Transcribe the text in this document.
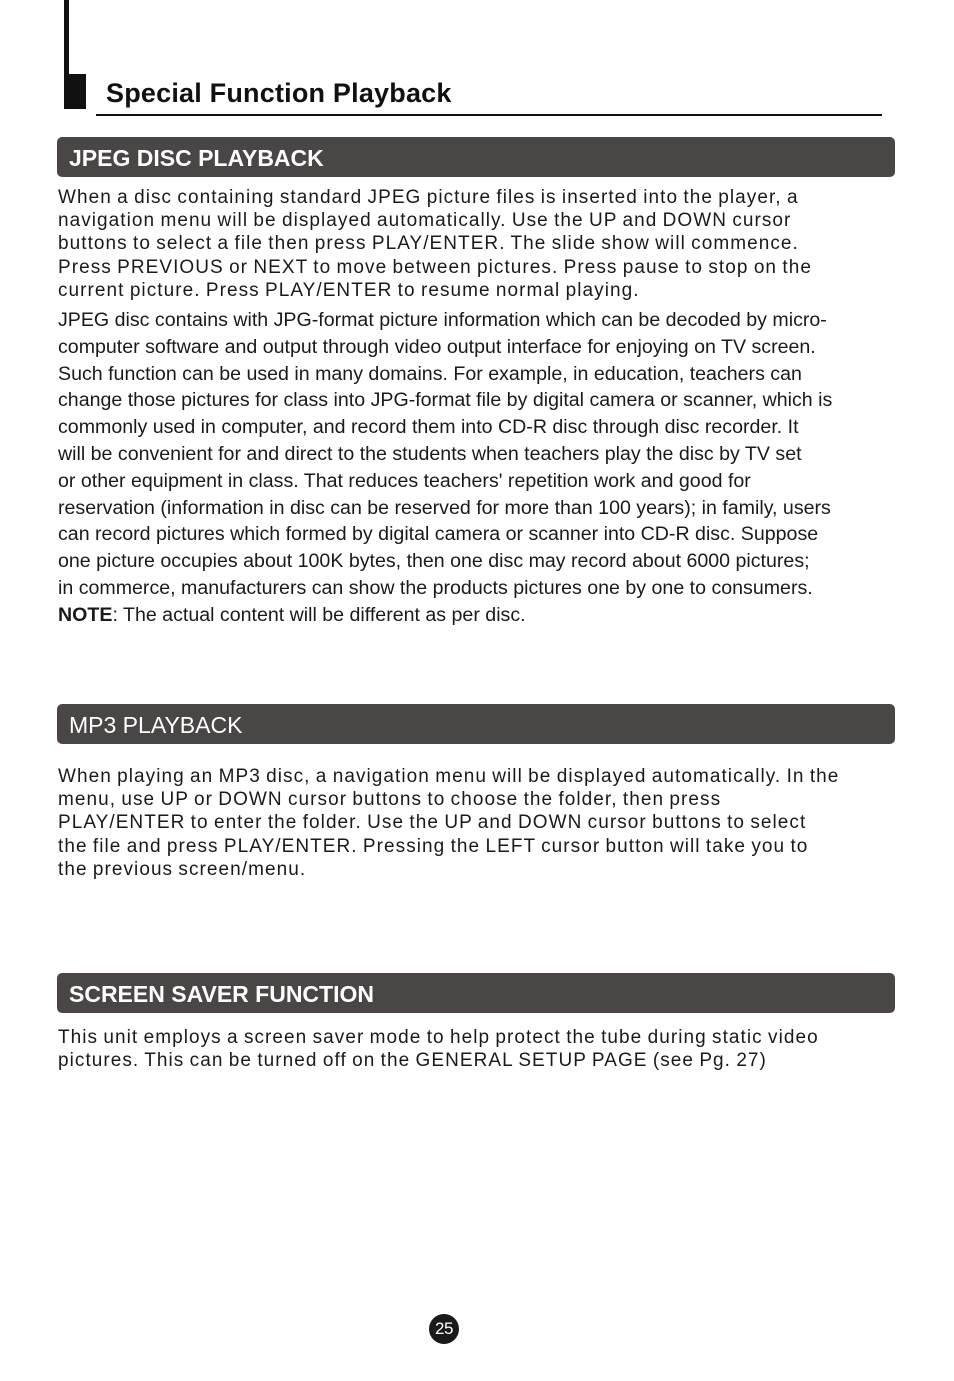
Special Function Playback
JPEG DISC PLAYBACK
When a disc containing standard JPEG picture files is inserted into the player, a
navigation menu will be displayed automatically. Use the UP and DOWN cursor
buttons to select a file then press PLAY/ENTER. The slide show will commence.
Press PREVIOUS or NEXT to move between pictures. Press pause to stop on the
current picture. Press PLAY/ENTER to resume normal playing.
JPEG disc contains with JPG-format picture information which can be decoded by micro-
computer software and output through video output interface for enjoying on TV screen.
Such function can be used in many domains. For example, in education, teachers can
change those pictures for class into JPG-format file by digital camera or scanner, which is
commonly used in computer, and record them into CD-R disc through disc recorder. It
will be convenient for and direct to the students when teachers play the disc by TV set
or other equipment in class. That reduces teachers' repetition work and good for
reservation (information in disc can be reserved for more than 100 years); in family, users
can record pictures which formed by digital camera or scanner into CD-R disc. Suppose
one picture occupies about 100K bytes, then one disc may record about 6000 pictures;
in commerce, manufacturers can show the products pictures one by one to consumers.
NOTE: The actual content will be different as per disc.
MP3 PLAYBACK
When playing an MP3 disc, a navigation menu will be displayed automatically. In the
menu, use UP or DOWN cursor buttons to choose the folder, then press
PLAY/ENTER to enter the folder. Use the UP and DOWN cursor buttons to select
the file and press PLAY/ENTER. Pressing the LEFT cursor button will take you to
the previous screen/menu.
SCREEN SAVER FUNCTION
This unit employs a screen saver mode to help protect the tube during static video
pictures. This can be turned off on the GENERAL SETUP PAGE (see Pg. 27)
25
